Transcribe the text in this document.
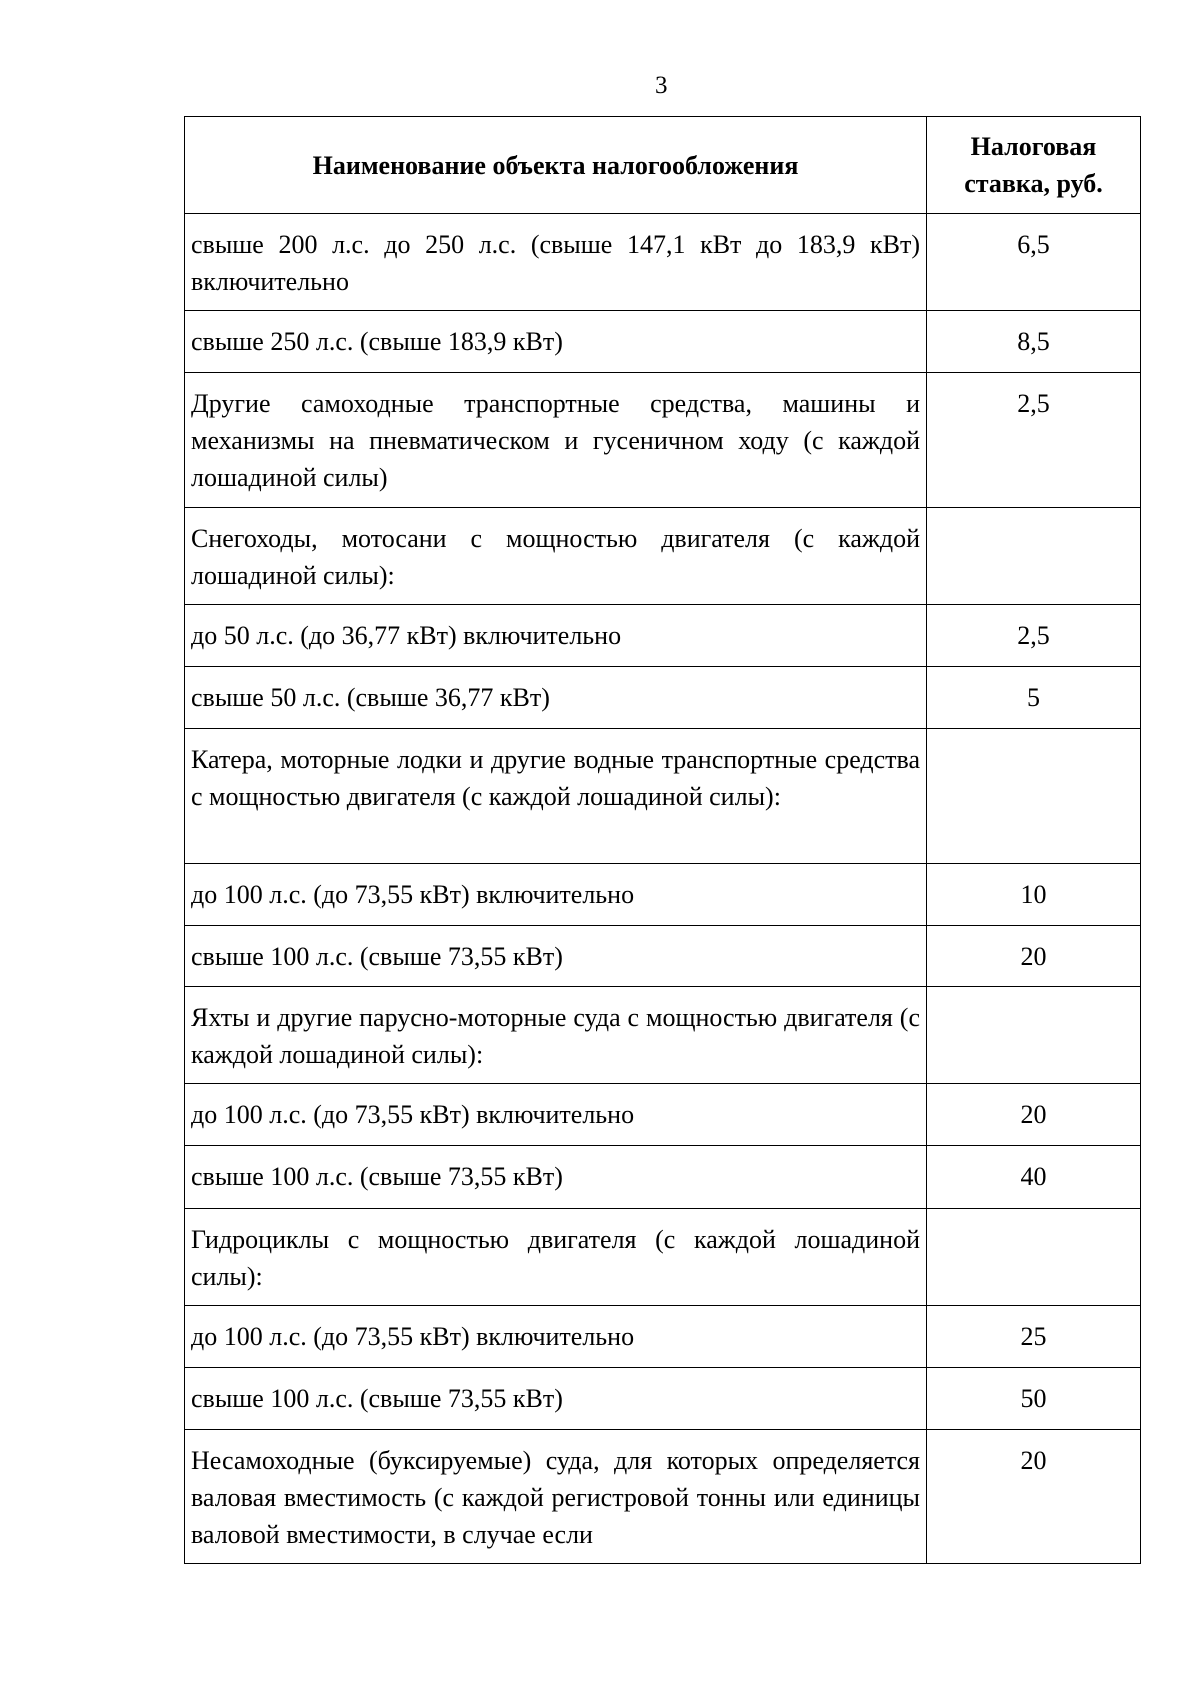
3
Наименование объекта налогообложения	Налоговая ставка, руб.
свыше 200 л.с. до 250 л.с. (свыше 147,1 кВт до 183,9 кВт) включительно	6,5
свыше 250 л.с. (свыше 183,9 кВт)	8,5
Другие самоходные транспортные средства, машины и механизмы на пневматическом и гусеничном ходу (с каждой лошадиной силы)	2,5
Снегоходы, мотосани с мощностью двигателя (с каждой лошадиной силы):	
до 50 л.с. (до 36,77 кВт) включительно	2,5
свыше 50 л.с. (свыше 36,77 кВт)	5
Катера, моторные лодки и другие водные транспортные средства с мощностью двигателя (с каждой лошадиной силы):	
до 100 л.с. (до 73,55 кВт) включительно	10
свыше 100 л.с. (свыше 73,55 кВт)	20
Яхты и другие парусно-моторные суда с мощностью двигателя (с каждой лошадиной силы):	
до 100 л.с. (до 73,55 кВт) включительно	20
свыше 100 л.с. (свыше 73,55 кВт)	40
Гидроциклы с мощностью двигателя (с каждой лошадиной силы):	
до 100 л.с. (до 73,55 кВт) включительно	25
свыше 100 л.с. (свыше 73,55 кВт)	50
Несамоходные (буксируемые) суда, для которых определяется валовая вместимость (с каждой регистровой тонны или единицы валовой вместимости, в случае если	20
